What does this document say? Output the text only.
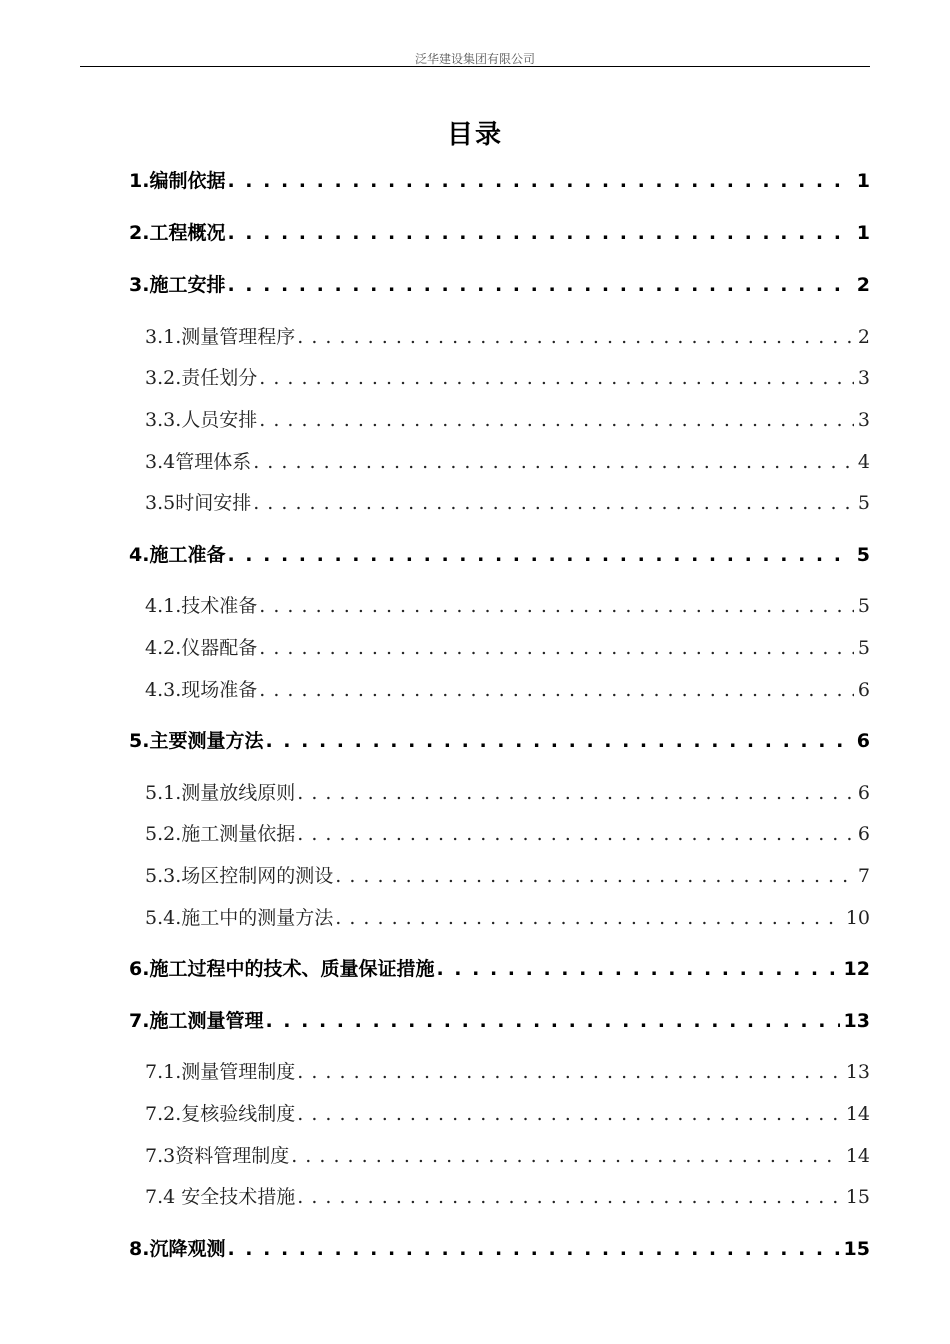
泛华建设集团有限公司
目录
1.编制依据 . . .	1
2.工程概况 . . .	1
3.施工安排 . . .	2
3.1.测量管理程序 . . .	2
3.2.责任划分 . . .	3
3.3.人员安排 . . .	3
3.4管理体系 . . .	4
3.5时间安排 . . .	5
4.施工准备 . . .	5
4.1.技术准备 . . .	5
4.2.仪器配备 . . .	5
4.3.现场准备 . . .	6
5.主要测量方法 . . .	6
5.1.测量放线原则 . . .	6
5.2.施工测量依据 . . .	6
5.3.场区控制网的测设 . . .	7
5.4.施工中的测量方法 . . .	10
6.施工过程中的技术、质量保证措施 . . .	12
7.施工测量管理 . . .	13
7.1.测量管理制度 . . .	13
7.2.复核验线制度 . . .	14
7.3资料管理制度 . . .	14
7.4 安全技术措施 . . .	15
8.沉降观测 . . .	15
